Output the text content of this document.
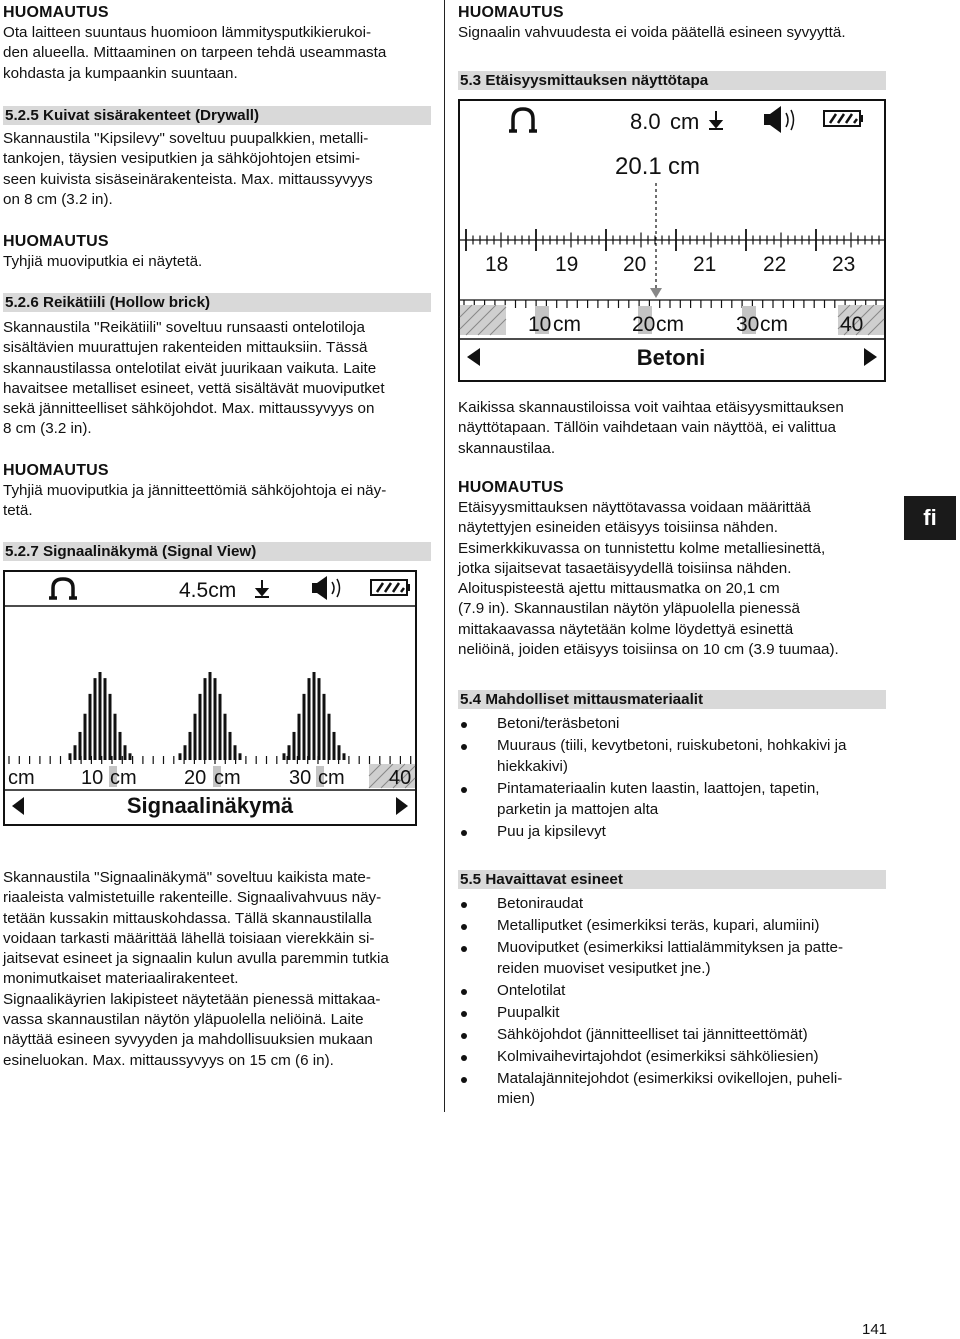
HUOMAUTUS
Ota laitteen suuntaus huomioon lämmitysputkikierukoi-
den alueella. Mittaaminen on tarpeen tehdä useammasta
kohdasta ja kumpaankin suuntaan.
5.2.5 Kuivat sisärakenteet (Drywall)
Skannaustila "Kipsilevy" soveltuu puupalkkien, metalli-
tankojen, täysien vesiputkien ja sähköjohtojen etsimi-
seen kuivista sisäseinärakenteista. Max. mittaussyvyys
on 8 cm (3.2 in).
HUOMAUTUS
Tyhjiä muoviputkia ei näytetä.
5.2.6 Reikätiili (Hollow brick)
Skannaustila "Reikätiili" soveltuu runsaasti ontelotiloja
sisältävien muurattujen rakenteiden mittauksiin. Tässä
skannaustilassa ontelotilat eivät juurikaan vaikuta. Laite
havaitsee metalliset esineet, vettä sisältävät muoviputket
sekä jännitteelliset sähköjohdot. Max. mittaussyvyys on
8 cm (3.2 in).
HUOMAUTUS
Tyhjiä muoviputkia ja jännitteettömiä sähköjohtoja ei näy-
tetä.
5.2.7 Signaalinäkymä (Signal View)
4.5cm
cm 10 cm 20 cm 30 cm 40
Signaalinäkymä
Skannaustila "Signaalinäkymä" soveltuu kaikista mate-
riaaleista valmistetuille rakenteille. Signaalivahvuus näy-
tetään kussakin mittauskohdassa. Tällä skannaustilalla
voidaan tarkasti määrittää lähellä toisiaan vierekkäin si-
jaitsevat esineet ja signaalin kulun avulla paremmin tutkia
monimutkaiset materiaalirakenteet.
Signaalikäyrien lakipisteet näytetään pienessä mittakaa-
vassa skannaustilan näytön yläpuolella neliöinä. Laite
näyttää esineen syvyyden ja mahdollisuuksien mukaan
esineluokan. Max. mittaussyvyys on 15 cm (6 in).
HUOMAUTUS
Signaalin vahvuudesta ei voida päätellä esineen syvyyttä.
5.3 Etäisyysmittauksen näyttötapa
8.0 cm
20.1 cm
18 19 20 21 22 23
10 cm 20 cm 30 cm 40
Betoni
Kaikissa skannaustiloissa voit vaihtaa etäisyysmittauksen
näyttötapaan. Tällöin vaihdetaan vain näyttöä, ei valittua
skannaustilaa.
HUOMAUTUS
Etäisyysmittauksen näyttötavassa voidaan määrittää
näytettyjen esineiden etäisyys toisiinsa nähden.
Esimerkkikuvassa on tunnistettu kolme metalliesinettä,
jotka sijaitsevat tasaetäisyydellä toisiinsa nähden.
Aloituspisteestä ajettu mittausmatka on 20,1 cm
(7.9 in). Skannaustilan näytön yläpuolella pienessä
mittakaavassa näytetään kolme löydettyä esinettä
neliöinä, joiden etäisyys toisiinsa on 10 cm (3.9 tuumaa).
5.4 Mahdolliset mittausmateriaalit
Betoni/teräsbetoni
Muuraus (tiili, kevytbetoni, ruiskubetoni, hohkakivi ja
hiekkakivi)
Pintamateriaalin kuten laastin, laattojen, tapetin,
parketin ja mattojen alta
Puu ja kipsilevyt
5.5 Havaittavat esineet
Betoniraudat
Metalliputket (esimerkiksi teräs, kupari, alumiini)
Muoviputket (esimerkiksi lattialämmityksen ja patte-
reiden muoviset vesiputket jne.)
Ontelotilat
Puupalkit
Sähköjohdot (jännitteelliset tai jännitteettömät)
Kolmivaihevirtajohdot (esimerkiksi sähköliesien)
Matalajännitejohdot (esimerkiksi ovikellojen, puheli-
mien)
fi
141
